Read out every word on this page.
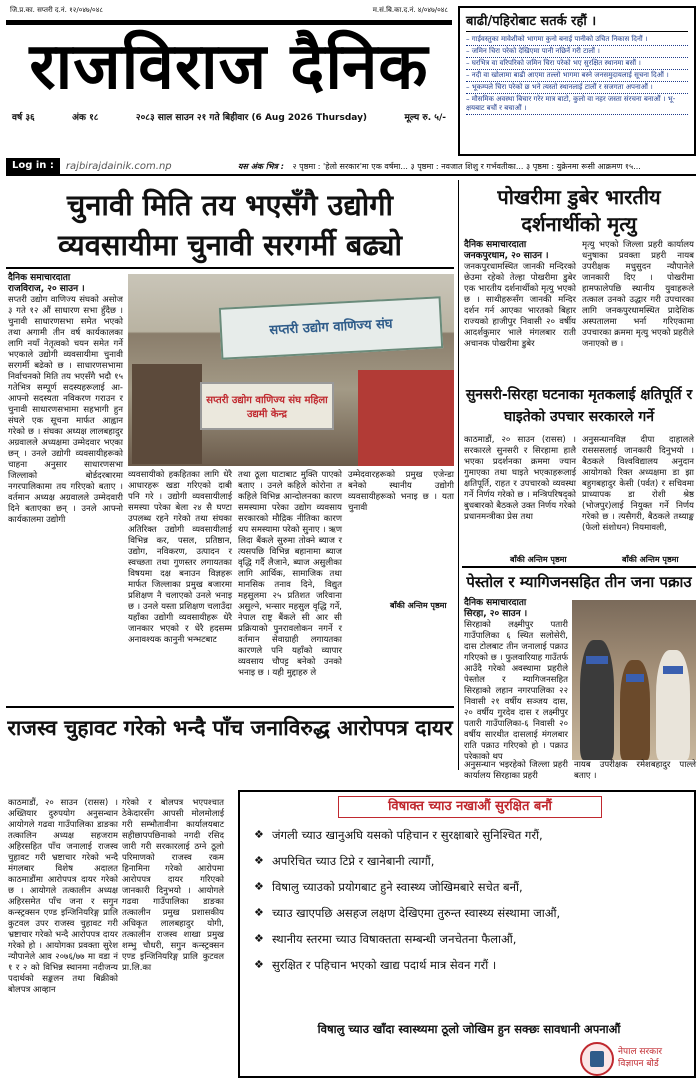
जि.प्र.का. सप्तरी द.नं. १२/०४७/०४८	म.सं.बि.का.द.नं. ४/०४७/०४८
राजविराज दैनिक
वर्ष ३६	अंक १८	२०८३ साल साउन २१ गते बिहीवार (6 Aug 2026 Thursday)	मूल्य रु. ५/-
बाढी/पहिरोबाट सतर्क रहौं ।
– गाईवस्तुका मावेशीको भागमा कुनो बनाई पानीको उचित निकास दिनौं ।
– जमिन चिरा परेको देखिएमा पानी नछिर्ने गरी टालौं ।
– घरभित्र वा वरिपरिको जमिन चिरा परेको भए सुरक्षित स्थानमा बसौं ।
– नदी वा खोलामा बाढी आएमा तल्लो भागमा बस्ने जनसमुदायलाई सूचना दिऔं ।
– भूकम्पले चिरा परेको छ भने त्यस्तो स्थानलाई टालौं र सजगता अपनाऔं ।
– मौसमिक अवस्था बिचार गरेर मात्र बाटो, कुलो वा नहर जस्ता संरचना बनाऔं । भू-क्षयबाट बचौं र बचाऔं ।
Log in :	rajbirajdainik.com.np	यस अंक भित्र : २ पृष्ठमा : 'हेलो सरकार'मा एक वर्षमा... ३ पृष्ठमा : नवजात शिशु र गर्भवतीका... ३ पृष्ठमा : युक्रेनमा रूसी आक्रमण १५...
चुनावी मिति तय भएसँगै उद्योगी व्यवसायीमा चुनावी सरगर्मी बढ्यो
दैनिक समाचारदाता
राजविराज, २० साउन ।
सप्तरी उद्योग वाणिज्य संघको असोज ३ गते १२ औं साधारण सभा हुँदैछ । चुनावी साधारणसभा समेत भएको तथा अगामी तीन वर्ष कार्यकालका लागि नयाँ नेतृत्वको चयन समेत गर्ने भएकाले उद्योगी व्यवसायीमा चुनावी सरगर्मी बढेको छ । साधारणसभामा निर्वाचनको मिति तय भएसँगै भदौ १५ गतेभित्र सम्पूर्ण सदस्यहरूलाई आ-आफ्नो सदस्यता नविकरण गराउन र चुनावी साधारणसभामा सहभागी हुन संघले एक सूचना मार्फत आह्वान गरेको छ । संघका अध्यक्ष लालबहादुर अग्रवालले अध्यक्षमा उम्मेदवार भएका छन् । उनले उद्योगी व्यवसायीहरूको चाहना अनुसार साधारणसभा जिल्लाको बोर्डदरबारमा नगरपालिकामा तय गरिएको बताए । वर्तमान अध्यक्ष अग्रवालले उम्मेदवारी दिने बताएका छन् । उनले आफ्नो कार्यकालमा उद्योगी
सप्तरी उद्योग वाणिज्य संघ
सप्तरी उद्योग वाणिज्य संघ महिला उद्यमी केन्द्र
व्यवसायीको हकहितका लागि धेरै आधारहरू खडा गरिएको दाबी पनि गरे । उद्योगी व्यवसायीलाई समस्या परेका बेला २४ सै घण्टा उपलब्ध रहने गरेको तथा संघका अतिरिक्त उद्योगी व्यवसायीलाई विभिन्न कर, पसल, प्रतिष्ठान, उद्योग, नविकरण, उत्पादन र स्वच्छता तथा गुणस्तर लगायतका विषयमा दक्ष बनाउन विज्ञहरू मार्फत जिल्लाका प्रमुख बजारमा प्रशिक्षण नै चलाएको उनले भनाइ छ । उनले यस्ता प्रशिक्षण चलाउँदा यहाँका उद्योगी व्यवसायीहरू धेरै जानकार भएको र धेरै हदसम्म अनावश्यक कानुनी भन्भटबाट
तथा ठूला घाटाबाट मुक्ति पाएको बताए । उनले कहिले कोरोना त कहिले विभिन्न आन्दोलनका कारण समस्यामा परेका उद्योग व्यवसाय सरकारको मौद्रिक नीतिका कारण थप समस्यामा परेको सुनाए । ऋण लिदा बैंकले सुरुमा तोक्ने ब्याज र त्यसपछि विभिन्न बहानामा ब्याज वृद्धि गर्दै लैजाने, ब्याज असुलीका लागि आर्थिक, सामाजिक तथा मानसिक तनाव दिने, विद्युत महसुलमा २५ प्रतिशत जरिवाना असुल्ने, भन्सार महसुल वृद्धि गर्ने, नेपाल राष्ट्र बैंकले सी आर सी प्रक्रियाको पुनरावलोकन नगर्ने र वर्तमान सेवाग्राही लगायतका कारणले पनि यहाँको व्यापार व्यवसाय चौपट्ट बनेको उनको भनाइ छ । यही मुद्दाहरु ले
उम्मेदवारहरूको प्रमुख एजेन्डा बनेको स्थानीय उद्योगी व्यवसायीहरूको भनाइ छ । यता चुनावी
बाँकी अन्तिम पृष्ठमा
राजस्व चुहावट गरेको भन्दै पाँच जनाविरुद्ध आरोपपत्र दायर
काठमाडौं, २० साउन (रासस) । अख्तियार दुरुपयोग अनुसन्धान आयोगले गढवा गाउँपालिका डाङका तत्कालिन अध्यक्ष सहजराम अहिरसहित पाँच जनालाई राजस्व चुहावट गरी भ्रष्टाचार गरेको भन्दै मंगलबार विशेष अदालत काठमाडौंमा आरोपपत्र दायर गरेको छ । आयोगले तत्कालीन अध्यक्ष अहिरसमेत पाँच जना र सगुन कन्स्ट्रक्सन एण्ड इन्जिनियरिङ्ग प्रालि कुटवल उपर राजस्व चुहावट गरी भ्रष्टाचार गरेको भन्दै आरोपपत्र दायर गरेको हो । आयोगका प्रवक्ता सुरेश न्यौपानेले आव २०७६/७७ मा वडा नं १ र २ को विभिन्न स्थानमा नदीजन्य पदार्थको सङ्कलन तथा बिक्रीको बोलपत्र आव्हान
गरेको र बोलपत्र भएपश्चात ठेकेदारसँग आपसी मोलमोलाई गरी सम्भौतावीना कार्यालयबाट सहीछापपछिनाको नगदी रसिद जारी गरी सरकारलाई ठग्ने ठूलो परिमाणको राजस्व रकम हिनामिना गरेको आरोपमा आरोपपत्र दायर गरिएको जानकारी दिनुभयो । आयोगले गढवा गाउँपालिका डाङका तत्कालीन प्रमुख प्रशासकीय अधिकृत लालबहादुर योगी, तत्कालीन राजस्व शाखा प्रमुख शम्भु चौधरी, सगुन कन्स्ट्रक्सन एण्ड इन्जिनियरिङ्ग प्रालि कुटवल प्रा.लि.का
पोखरीमा डुबेर भारतीय दर्शनार्थीको मृत्यु
दैनिक समाचारदाता
जनकपुरधाम, २० साउन ।
जनकपुरधामस्थित जानकी मन्दिरको छेउमा रहेको तेल्हा पोखरीमा डुबेर एक भारतीय दर्शनार्थीको मृत्यु भएको छ । साथीहरूसँग जानकी मन्दिर दर्शन गर्न आएका भारतको बिहार राज्यको हाजीपुर निवासी २० वर्षीय आदर्शकुमार भाले मंगलबार राती अचानक पोखरीमा डुबेर
मृत्यु भएको जिल्ला प्रहरी कार्यालय धनुषाका प्रवक्ता प्रहरी नायब उपरीक्षक मधुसुदन न्यौपानेले जानकारी दिए । पोखरीमा हामफालेपछि स्थानीय युवाहरूले तत्काल उनको उद्धार गरी उपचारका लागि जनकपुरधामस्थित प्रादेशिक अस्पतालमा भर्ना गरिएकामा उपचारका क्रममा मृत्यु भएको प्रहरीले जनाएको छ ।
सुनसरी-सिरहा घटनाका मृतकलाई क्षतिपूर्ति र घाइतेको उपचार सरकारले गर्ने
काठमाडौं, २० साउन (रासस) । सरकारले सुनसरी र सिरहामा हालै भएका प्रदर्शनका क्रममा ज्यान गुमाएका तथा घाइते भएकाहरूलाई क्षतिपूर्ति, राहत र उपचारको व्यवस्था गर्ने निर्णय गरेको छ । मन्त्रिपरिषद्को बुधबारको बैठकले उक्त निर्णय गरेको प्रधानमन्त्रीका प्रेस तथा
अनुसन्धानविज्ञ दीपा दाहालले रासससलाई जानकारी दिनुभयो । बैठकले विश्वविद्यालय अनुदान आयोगको रिक्त अध्यक्षमा डा झा बहुगबहादुर केसी (पर्वत) र सचिवमा प्राध्यापक डा रोशी श्रेष्ठ (भोजपुर)लाई नियुक्त गर्ने निर्णय गरेको छ । त्यसैगरी, बैठकले तथ्याङ्क (फेलो संशोधन) नियमावली,
बाँकी अन्तिम पृष्ठमा	बाँकी अन्तिम पृष्ठमा
पेस्तोल र म्यागिजनसहित तीन जना पक्राउ
दैनिक समाचारदाता
सिरहा, २० साउन ।
सिरहाको लक्ष्मीपुर पतारी गाउँपालिका ६ स्थित सलोसेरी, दास टोलबाट तीन जनालाई पक्राउ गरिएको छ । फुलवारियाह गाउँतर्फ आउँदै गरेको अवस्थामा प्रहरीले पेस्तोल र म्यागिजनसहित सिरहाको लहान नगरपालिका २२ निवासी २१ वर्षीय सञ्जय दास, २० वर्षीय गुरदेव दास र लक्ष्मीपुर पतारी गाउँपालिका-६ निवासी २० वर्षीय सारथीत दासलाई मंगलबार राति पक्राउ गरिएको हो । पक्राउ परेकाको थप
अनुसन्धान भइरहेको जिल्ला प्रहरी कार्यालय सिरहाका प्रहरी
नायब उपरीक्षक रमेशबहादुर पाल्ले बताए ।
विषाक्त च्याउ नखाऔं सुरक्षित बनौं
❖ जंगली च्याउ खानुअघि यसको पहिचान र सुरक्षाबारे सुनिश्चित गरौं,
❖ अपरिचित च्याउ टिप्ने र खानेबानी त्यागौं,
❖ विषालु च्याउको प्रयोगबाट हुने स्वास्थ्य जोखिमबारे सचेत बनौं,
❖ च्याउ खाएपछि असहज लक्षण देखिएमा तुरुन्त स्वास्थ्य संस्थामा जाऔं,
❖ स्थानीय स्तरमा च्याउ विषाक्तता सम्बन्धी जनचेतना फैलाऔं,
❖ सुरक्षित र पहिचान भएको खाद्य पदार्थ मात्र सेवन गरौं ।
विषालु च्याउ खाँदा स्वास्थ्यमा ठूलो जोखिम हुन सक्छः सावधानी अपनाऔं
नेपाल सरकार
विज्ञापन बोर्ड
